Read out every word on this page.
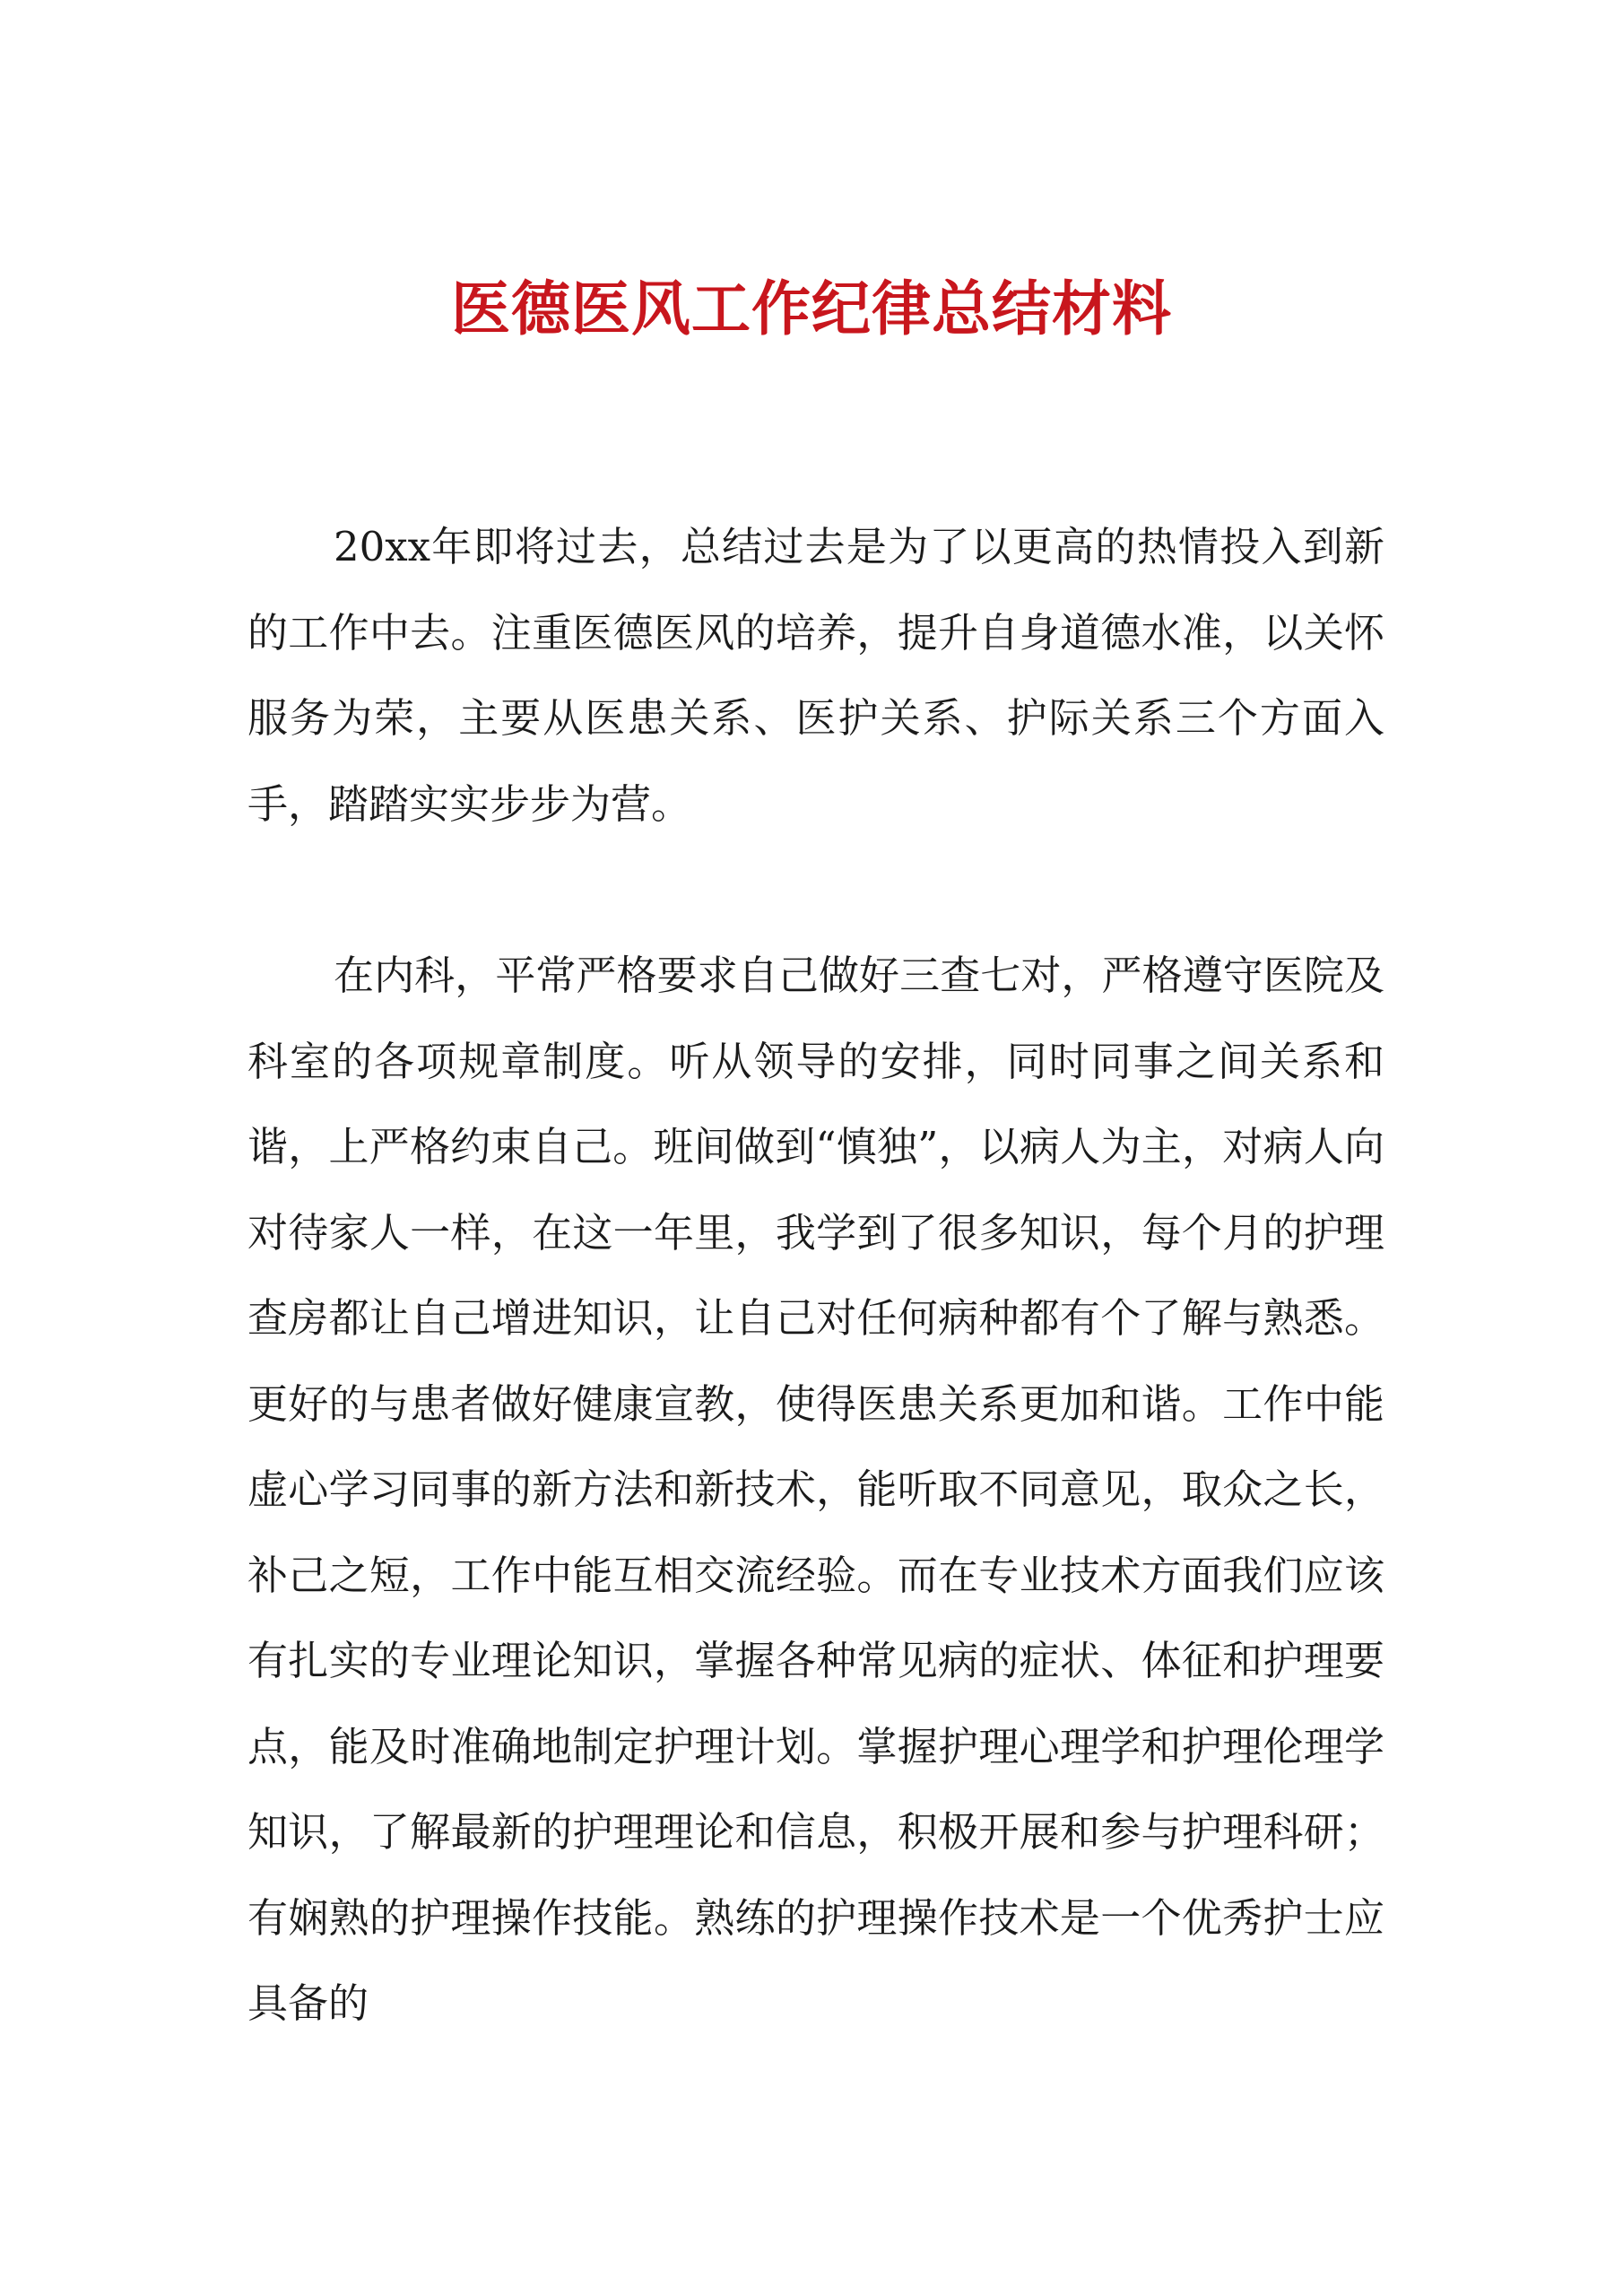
医德医风工作纪律总结材料

20xx年即将过去，总结过去是为了以更高的热情投入到新的工作中去。注重医德医风的培养，提升自身道德水准，以关怀服务为荣，主要从医患关系、医护关系、护际关系三个方面入手，踏踏实实步步为营。

在内科，平常严格要求自己做好三查七对，严格遵守医院及科室的各项规章制度。听从领导的安排，同时同事之间关系和谐，上严格约束自己。班间做到“慎独”，以病人为主，对病人向对待家人一样，在这一年里，我学到了很多知识，每个月的护理查房都让自己增进知识，让自己对任何病种都有个了解与熟悉。更好的与患者做好健康宣教，使得医患关系更加和谐。工作中能虚心学习同事的新方法和新技术，能听取不同意见，取众之长，补己之短，工作中能互相交流经验。而在专业技术方面我们应该有扎实的专业理论知识，掌握各种常见病的症状、体征和护理要点，能及时准确地制定护理计划。掌握护理心理学和护理伦理学知识，了解最新的护理理论和信息，积极开展和参与护理科研；有娴熟的护理操作技能。熟练的护理操作技术是一个优秀护士应具备的
